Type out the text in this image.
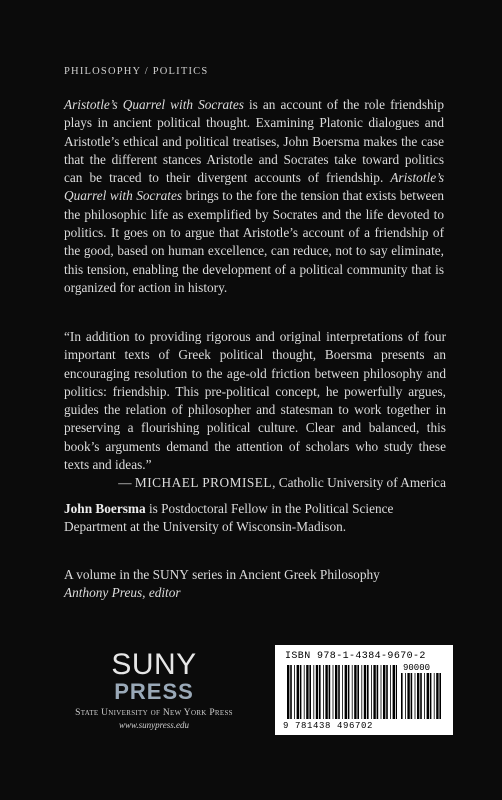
PHILOSOPHY / POLITICS
Aristotle’s Quarrel with Socrates is an account of the role friendship plays in ancient political thought. Examining Platonic dialogues and Aristotle’s ethical and political treatises, John Boersma makes the case that the different stances Aristotle and Socrates take toward politics can be traced to their divergent accounts of friendship. Aristotle’s Quarrel with Socrates brings to the fore the tension that exists between the philosophic life as exemplified by Socrates and the life devoted to politics. It goes on to argue that Aristotle’s account of a friendship of the good, based on human excellence, can reduce, not to say eliminate, this tension, enabling the development of a political community that is organized for action in history.
“In addition to providing rigorous and original interpretations of four important texts of Greek political thought, Boersma presents an encouraging resolution to the age-old friction between philosophy and politics: friendship. This pre-political concept, he powerfully argues, guides the relation of philosopher and statesman to work together in preserving a flourishing political culture. Clear and balanced, this book’s arguments demand the attention of scholars who study these texts and ideas.”
— MICHAEL PROMISEL, Catholic University of America
John Boersma is Postdoctoral Fellow in the Political Science Department at the University of Wisconsin-Madison.
A volume in the SUNY series in Ancient Greek Philosophy
Anthony Preus, editor
SUNY
PRESS
State University of New York Press
www.sunypress.edu
ISBN 978-1-4384-9670-2
90000
9 781438 496702
